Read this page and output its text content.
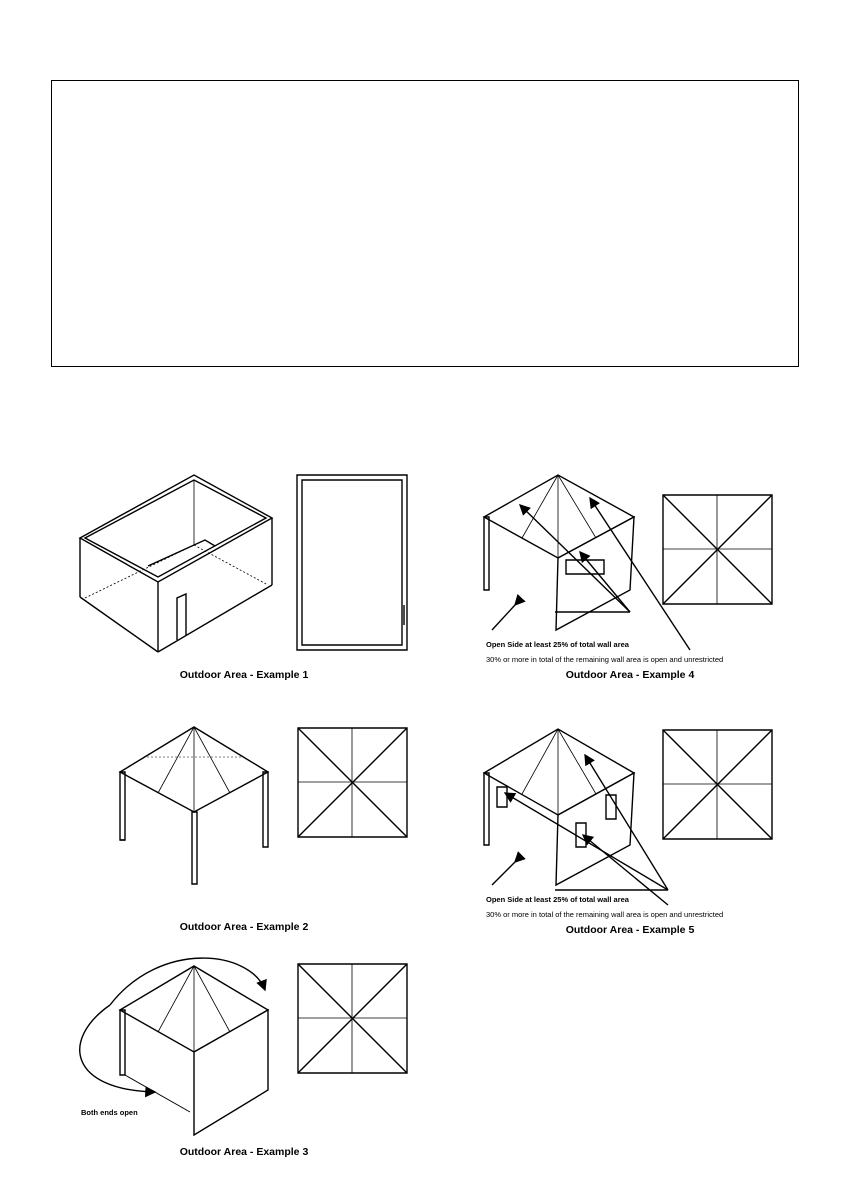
Outdoor Area - Example 1
Outdoor Area - Example 2
Outdoor Area - Example 3
Outdoor Area - Example 4
Outdoor Area - Example 5
Both ends open
Open Side at least 25% of total wall area
30% or more in total of the remaining wall area is open and unrestricted
Open Side at least 25% of total wall area
30% or more in total of the remaining wall area is open and unrestricted
